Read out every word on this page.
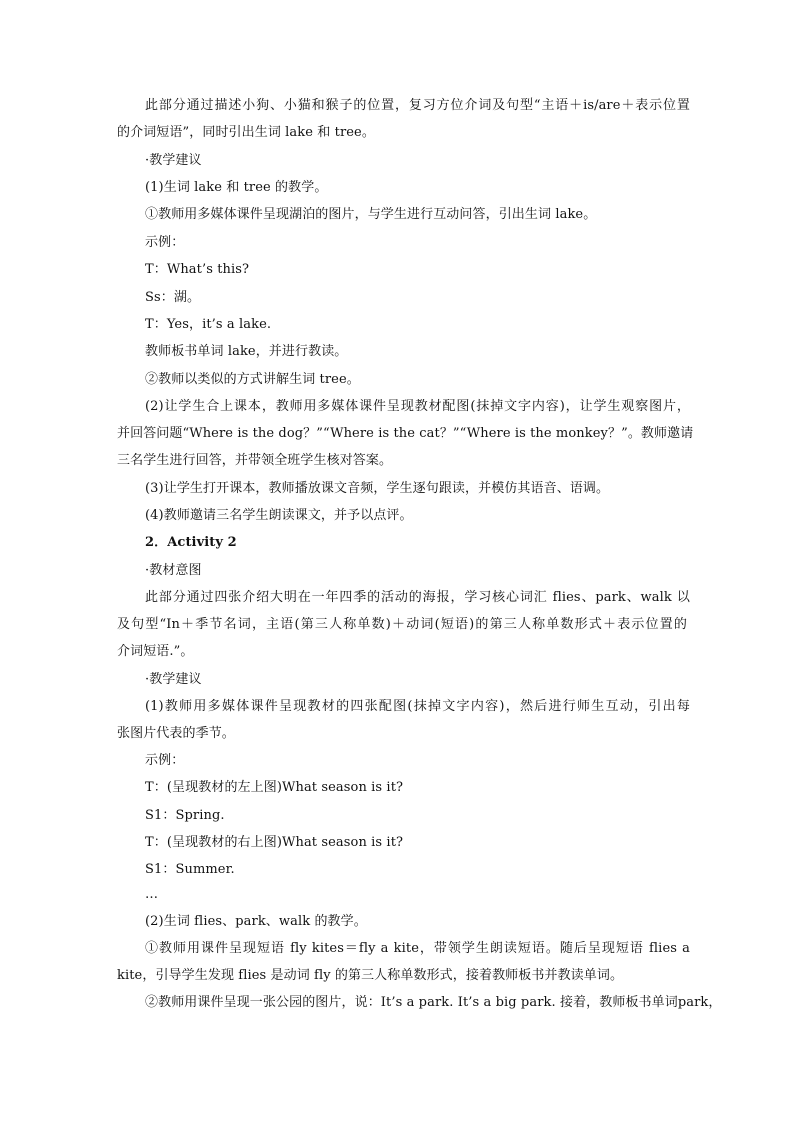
此部分通过描述小狗、小猫和猴子的位置，复习方位介词及句型“主语＋is/are＋表示位置
的介词短语”，同时引出生词 lake 和 tree。
·教学建议
(1)生词 lake 和 tree 的教学。
①教师用多媒体课件呈现湖泊的图片，与学生进行互动问答，引出生词 lake。
示例：
T：What’s this?
Ss：湖。
T：Yes，it’s a lake.
教师板书单词 lake，并进行教读。
②教师以类似的方式讲解生词 tree。
(2)让学生合上课本，教师用多媒体课件呈现教材配图(抹掉文字内容)，让学生观察图片，
并回答问题“Where is the dog？”“Where is the cat？”“Where is the monkey？”。教师邀请
三名学生进行回答，并带领全班学生核对答案。
(3)让学生打开课本，教师播放课文音频，学生逐句跟读，并模仿其语音、语调。
(4)教师邀请三名学生朗读课文，并予以点评。
2．Activity 2
·教材意图
此部分通过四张介绍大明在一年四季的活动的海报，学习核心词汇 flies、park、walk 以
及句型“In＋季节名词，主语(第三人称单数)＋动词(短语)的第三人称单数形式＋表示位置的
介词短语.”。
·教学建议
(1)教师用多媒体课件呈现教材的四张配图(抹掉文字内容)，然后进行师生互动，引出每
张图片代表的季节。
示例：
T：(呈现教材的左上图)What season is it?
S1：Spring.
T：(呈现教材的右上图)What season is it?
S1：Summer.
…
(2)生词 flies、park、walk 的教学。
①教师用课件呈现短语 fly kites＝fly a kite，带领学生朗读短语。随后呈现短语 flies a
kite，引导学生发现 flies 是动词 fly 的第三人称单数形式，接着教师板书并教读单词。
②教师用课件呈现一张公园的图片，说：It’s a park. It’s a big park. 接着，教师板书单词park，
